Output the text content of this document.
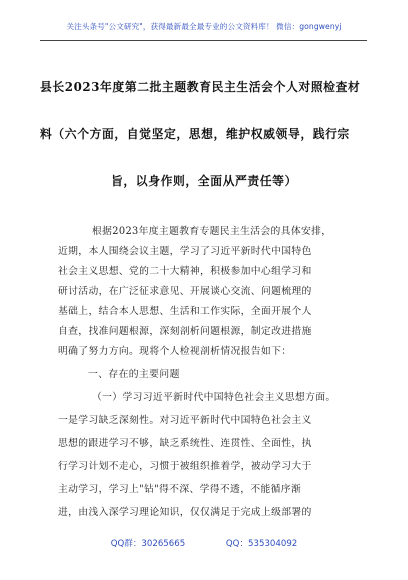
关注头条号"公文研究"，获得最新最全最专业的公文资料库！ 微信：gongwenyj
县长2023年度第二批主题教育民主生活会个人对照检查材
料（六个方面，自觉坚定，思想，维护权威领导，践行宗
旨，以身作则，全面从严责任等）
根据2023年度主题教育专题民主生活会的具体安排，
近期，本人围绕会议主题，学习了习近平新时代中国特色
社会主义思想、党的二十大精神，积极参加中心组学习和
研讨活动，在广泛征求意见、开展谈心交流、问题梳理的
基础上，结合本人思想、生活和工作实际，全面开展个人
自查，找准问题根源，深刻剖析问题根源，制定改进措施
明确了努力方向。现将个人检视剖析情况报告如下：
一、存在的主要问题
（一）学习习近平新时代中国特色社会主义思想方面。
一是学习缺乏深刻性。对习近平新时代中国特色社会主义
思想的跟进学习不够，缺乏系统性、连贯性、全面性，执
行学习计划不走心，习惯于被组织推着学，被动学习大于
主动学习，学习上"钻"得不深、学得不透，不能循序渐
进，由浅入深学习理论知识，仅仅满足于完成上级部署的
QQ群：30265665	QQ：535304092
